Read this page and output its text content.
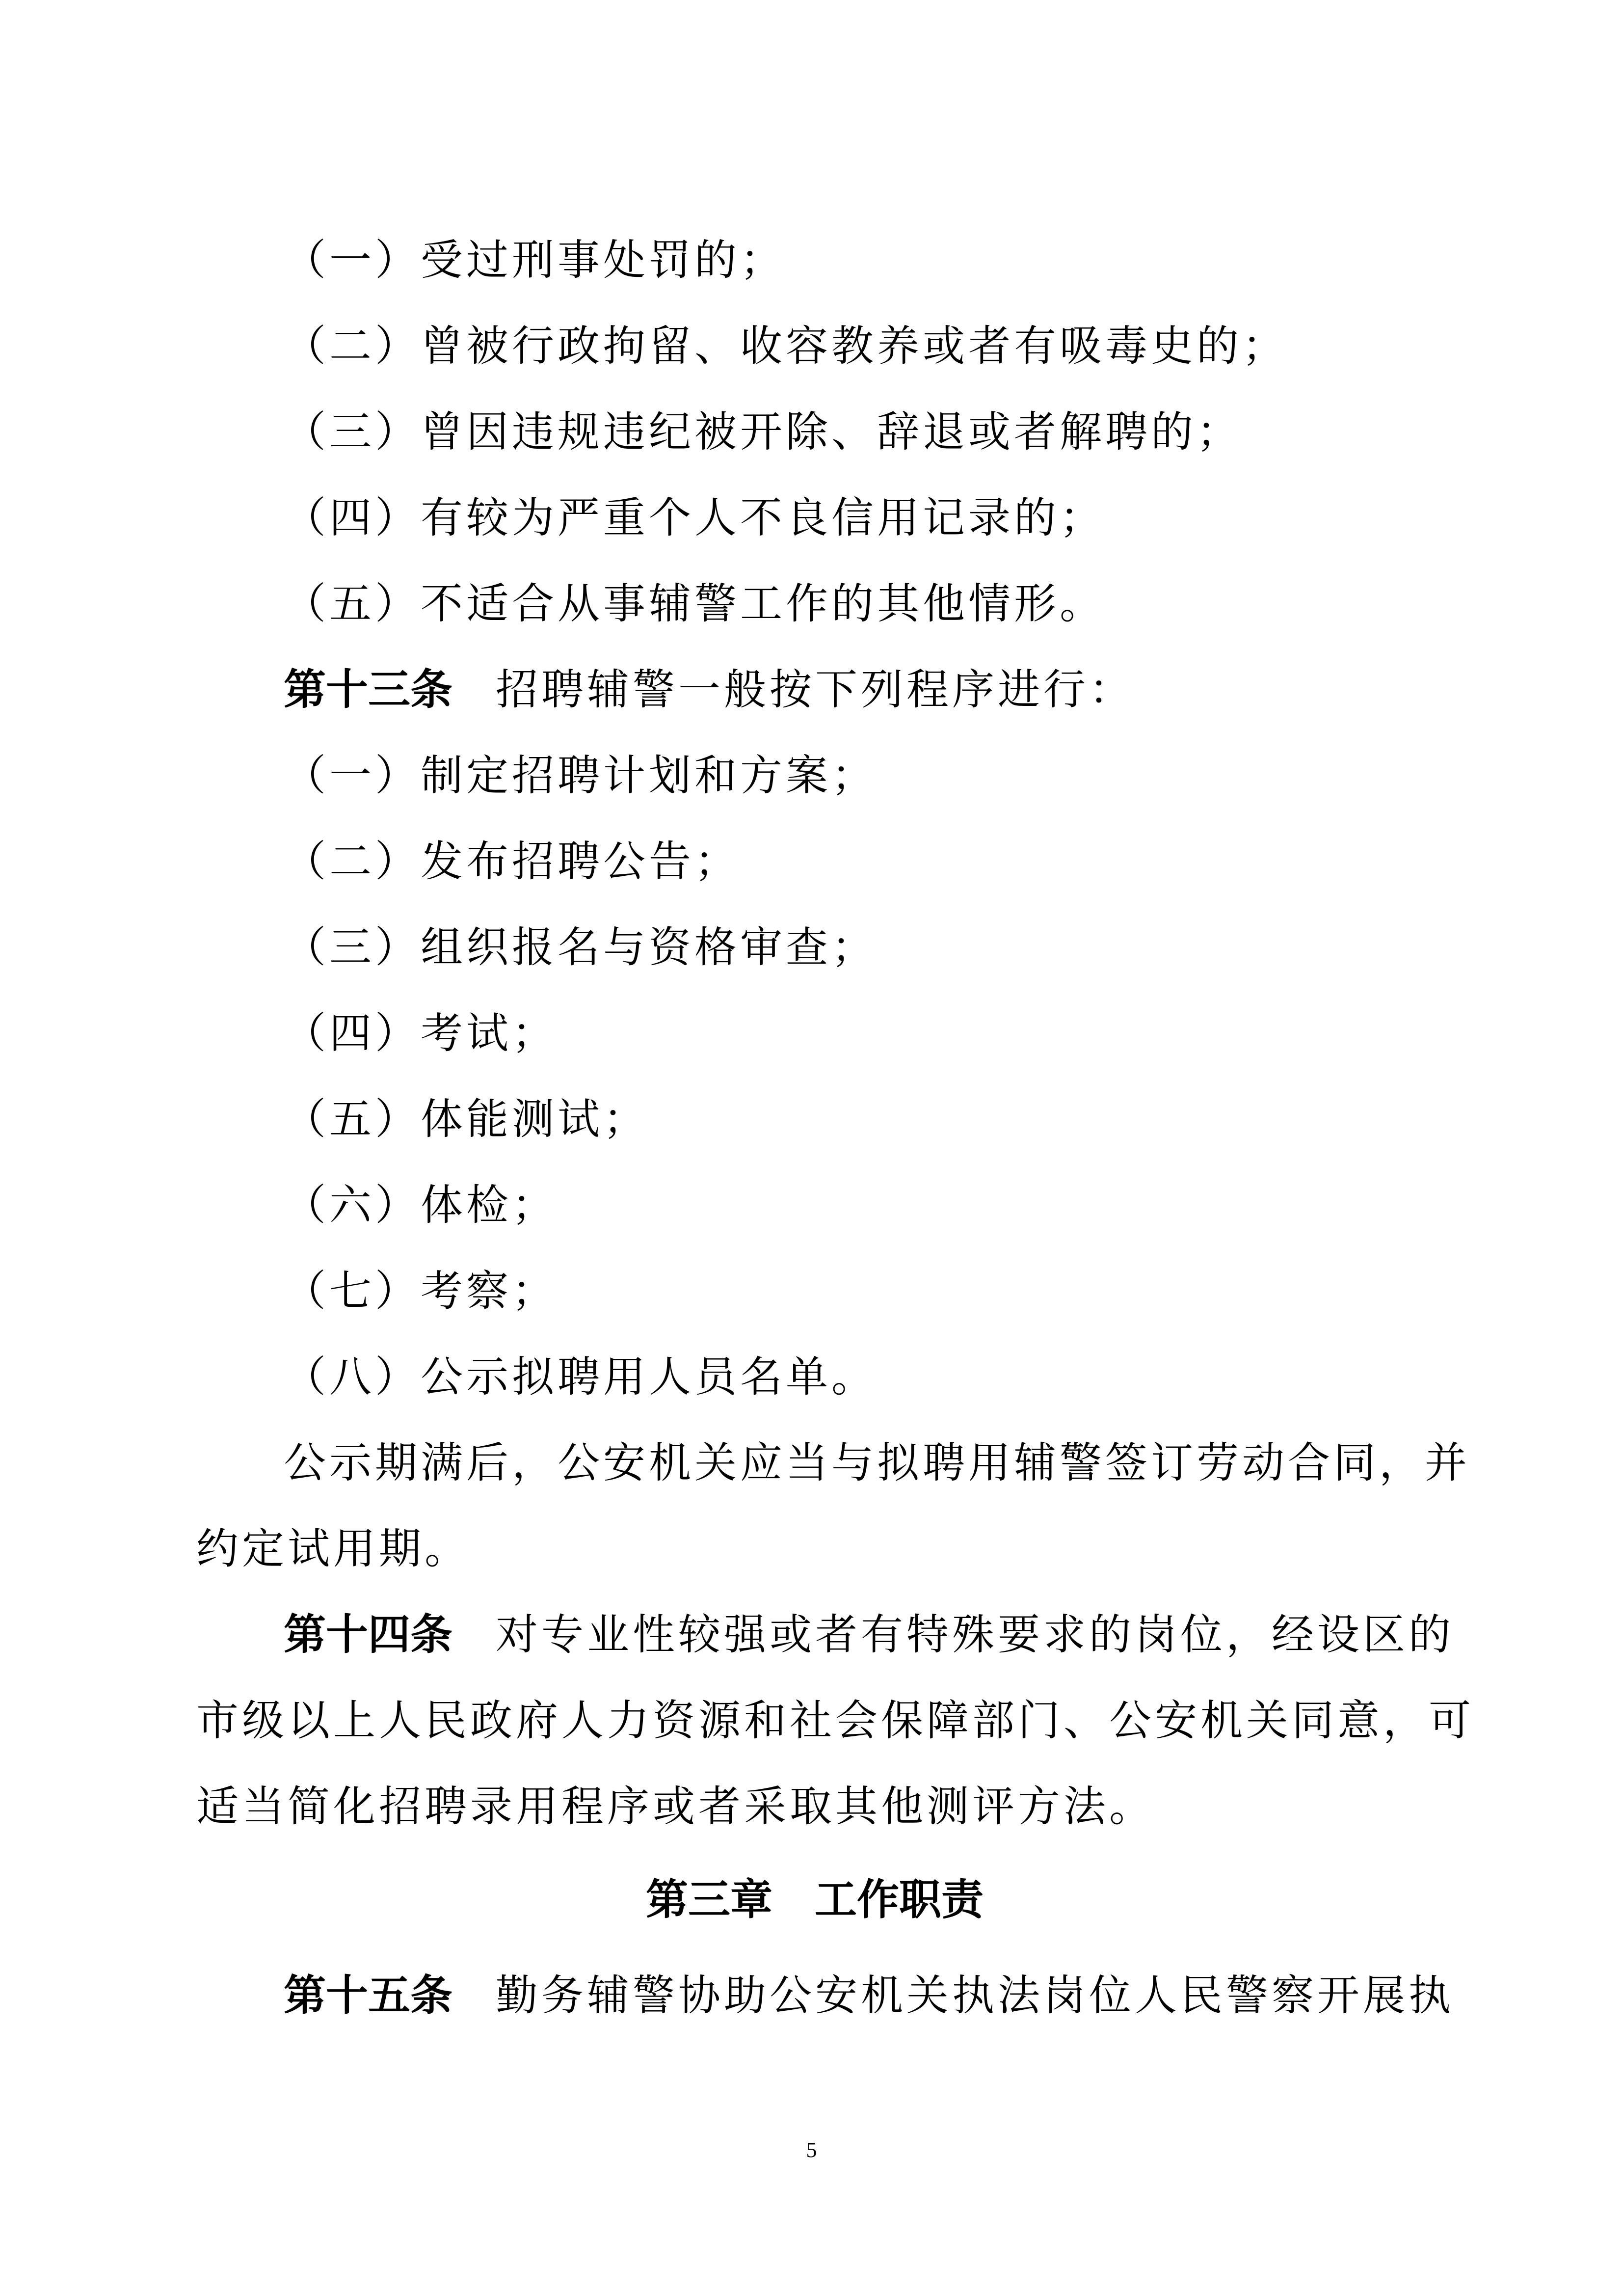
（一）受过刑事处罚的；
（二）曾被行政拘留、收容教养或者有吸毒史的；
（三）曾因违规违纪被开除、辞退或者解聘的；
（四）有较为严重个人不良信用记录的；
（五）不适合从事辅警工作的其他情形。
第十三条 招聘辅警一般按下列程序进行：
（一）制定招聘计划和方案；
（二）发布招聘公告；
（三）组织报名与资格审查；
（四）考试；
（五）体能测试；
（六）体检；
（七）考察；
（八）公示拟聘用人员名单。
公示期满后，公安机关应当与拟聘用辅警签订劳动合同，并
约定试用期。
第十四条 对专业性较强或者有特殊要求的岗位，经设区的
市级以上人民政府人力资源和社会保障部门、公安机关同意，可
适当简化招聘录用程序或者采取其他测评方法。
第三章　工作职责
第十五条 勤务辅警协助公安机关执法岗位人民警察开展执
5
